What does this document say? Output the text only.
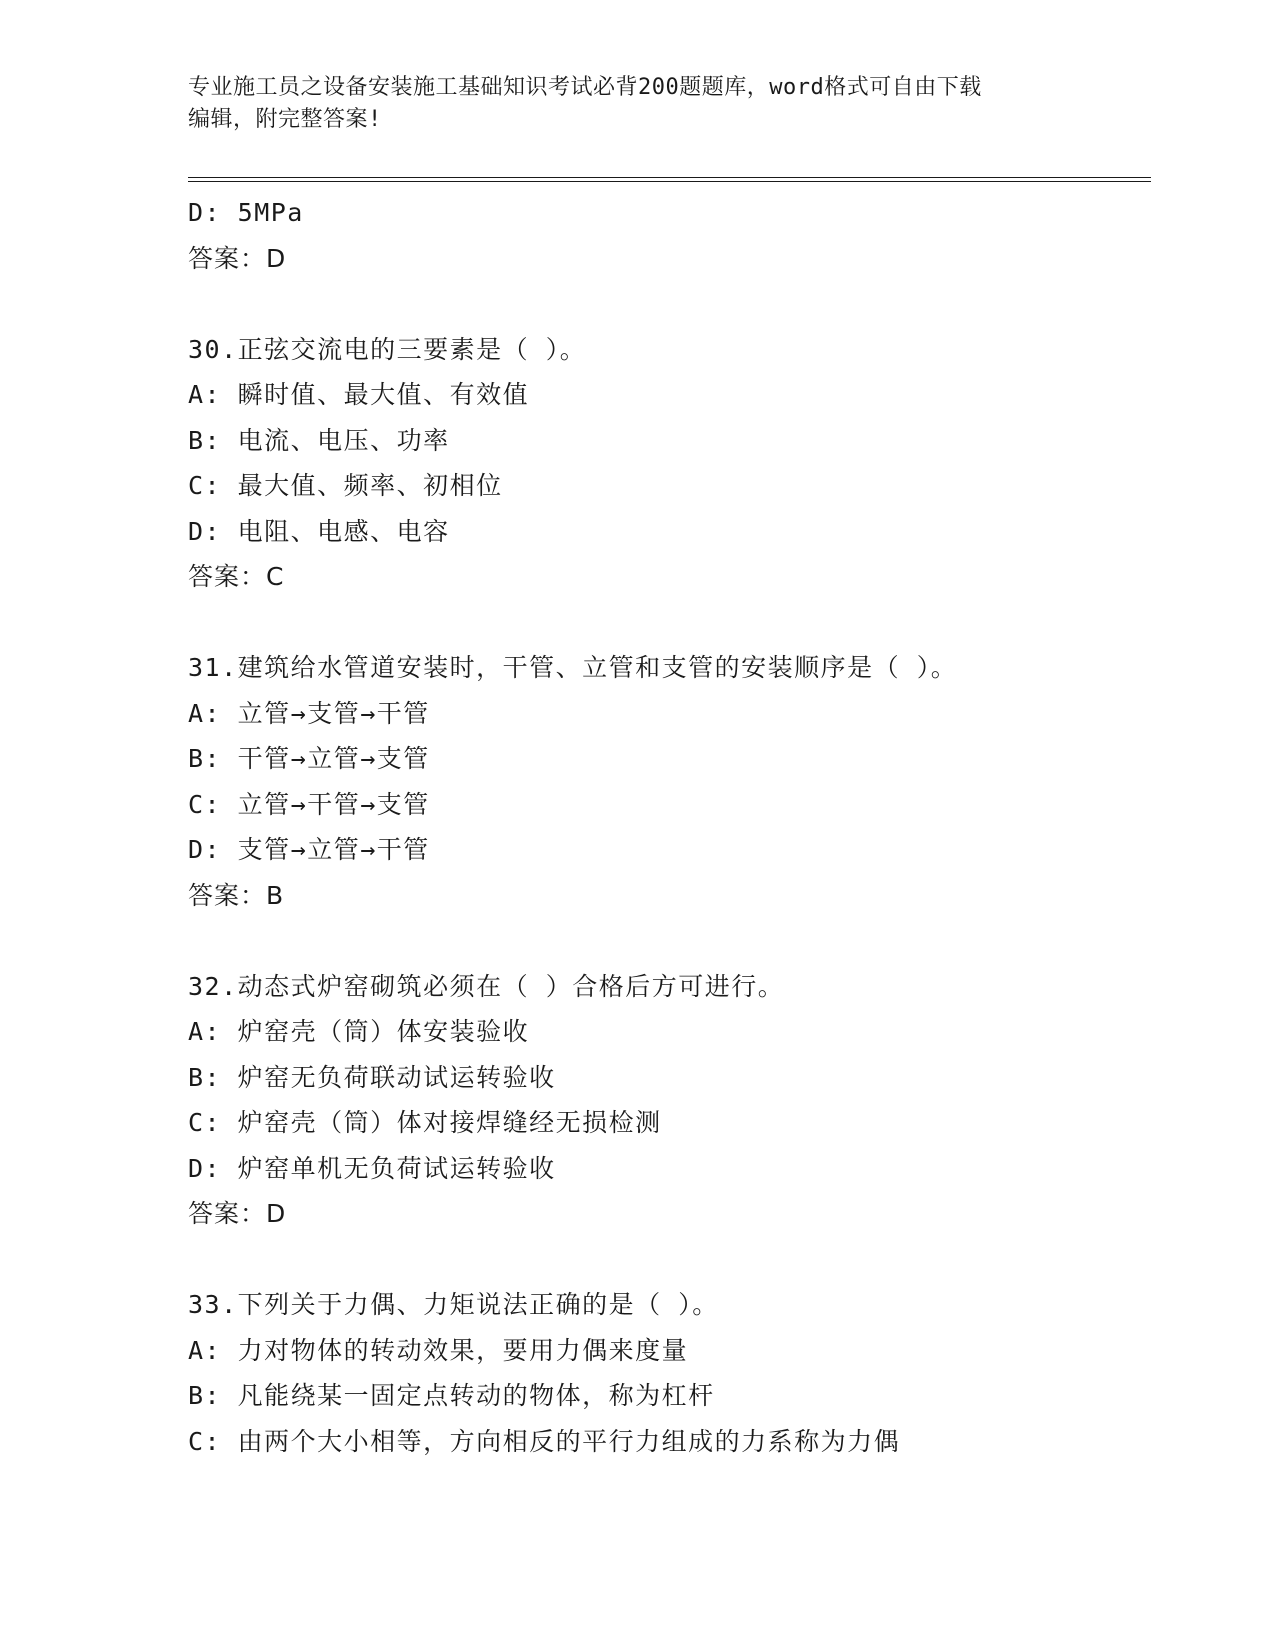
专业施工员之设备安装施工基础知识考试必背200题题库，word格式可自由下载
编辑，附完整答案!
D: 5MPa
答案：D
30.正弦交流电的三要素是（ ）。
A: 瞬时值、最大值、有效值
B: 电流、电压、功率
C: 最大值、频率、初相位
D: 电阻、电感、电容
答案：C
31.建筑给水管道安装时，干管、立管和支管的安装顺序是（ ）。
A: 立管→支管→干管
B: 干管→立管→支管
C: 立管→干管→支管
D: 支管→立管→干管
答案：B
32.动态式炉窑砌筑必须在（ ）合格后方可进行。
A: 炉窑壳（筒）体安装验收
B: 炉窑无负荷联动试运转验收
C: 炉窑壳（筒）体对接焊缝经无损检测
D: 炉窑单机无负荷试运转验收
答案：D
33.下列关于力偶、力矩说法正确的是（ ）。
A: 力对物体的转动效果，要用力偶来度量
B: 凡能绕某一固定点转动的物体，称为杠杆
C: 由两个大小相等，方向相反的平行力组成的力系称为力偶
